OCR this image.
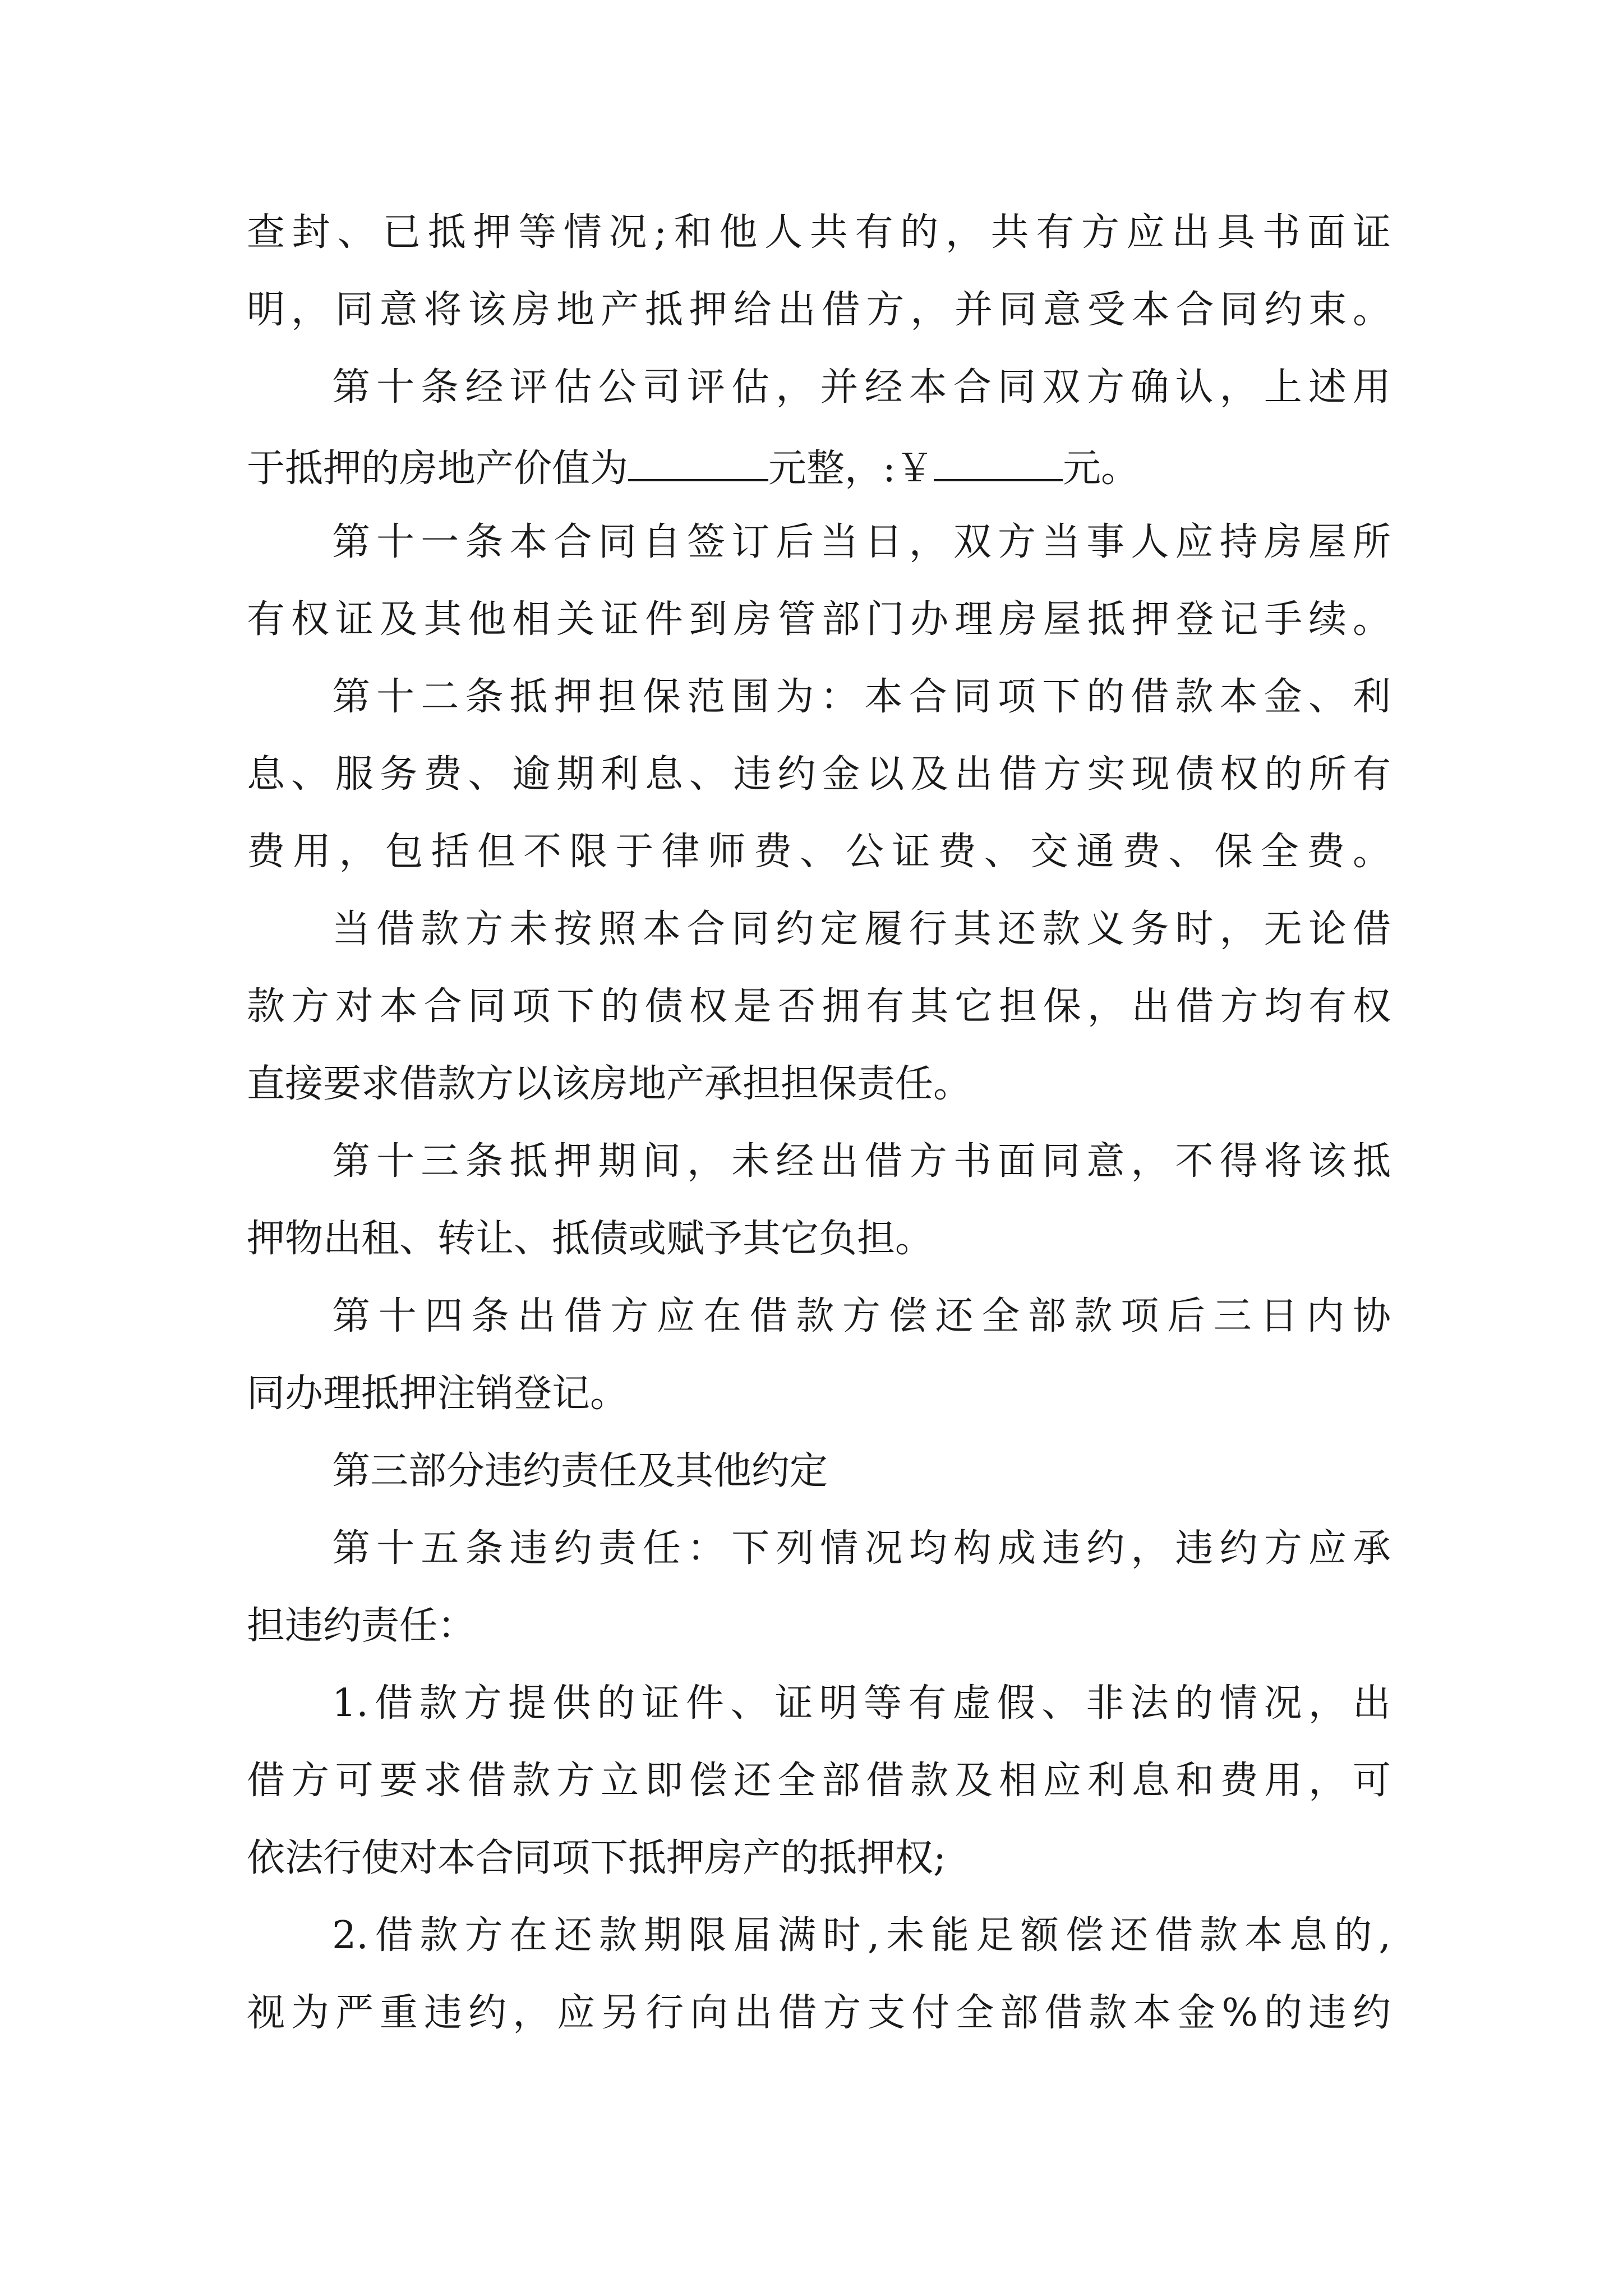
查封、已抵押等情况;和他人共有的，共有方应出具书面证
明，同意将该房地产抵押给出借方，并同意受本合同约束。
第十条经评估公司评估，并经本合同双方确认，上述用
于抵押的房地产价值为	元整，:￥	元。
第十一条本合同自签订后当日，双方当事人应持房屋所
有权证及其他相关证件到房管部门办理房屋抵押登记手续。
第十二条抵押担保范围为：本合同项下的借款本金、利
息、服务费、逾期利息、违约金以及出借方实现债权的所有
费用，包括但不限于律师费、公证费、交通费、保全费。
当借款方未按照本合同约定履行其还款义务时，无论借
款方对本合同项下的债权是否拥有其它担保，出借方均有权
直接要求借款方以该房地产承担担保责任。
第十三条抵押期间，未经出借方书面同意，不得将该抵
押物出租、转让、抵债或赋予其它负担。
第十四条出借方应在借款方偿还全部款项后三日内协
同办理抵押注销登记。
第三部分违约责任及其他约定
第十五条违约责任：下列情况均构成违约，违约方应承
担违约责任：
1.借款方提供的证件、证明等有虚假、非法的情况，出
借方可要求借款方立即偿还全部借款及相应利息和费用，可
依法行使对本合同项下抵押房产的抵押权;
2.借款方在还款期限届满时,未能足额偿还借款本息的,
视为严重违约，应另行向出借方支付全部借款本金%的违约
